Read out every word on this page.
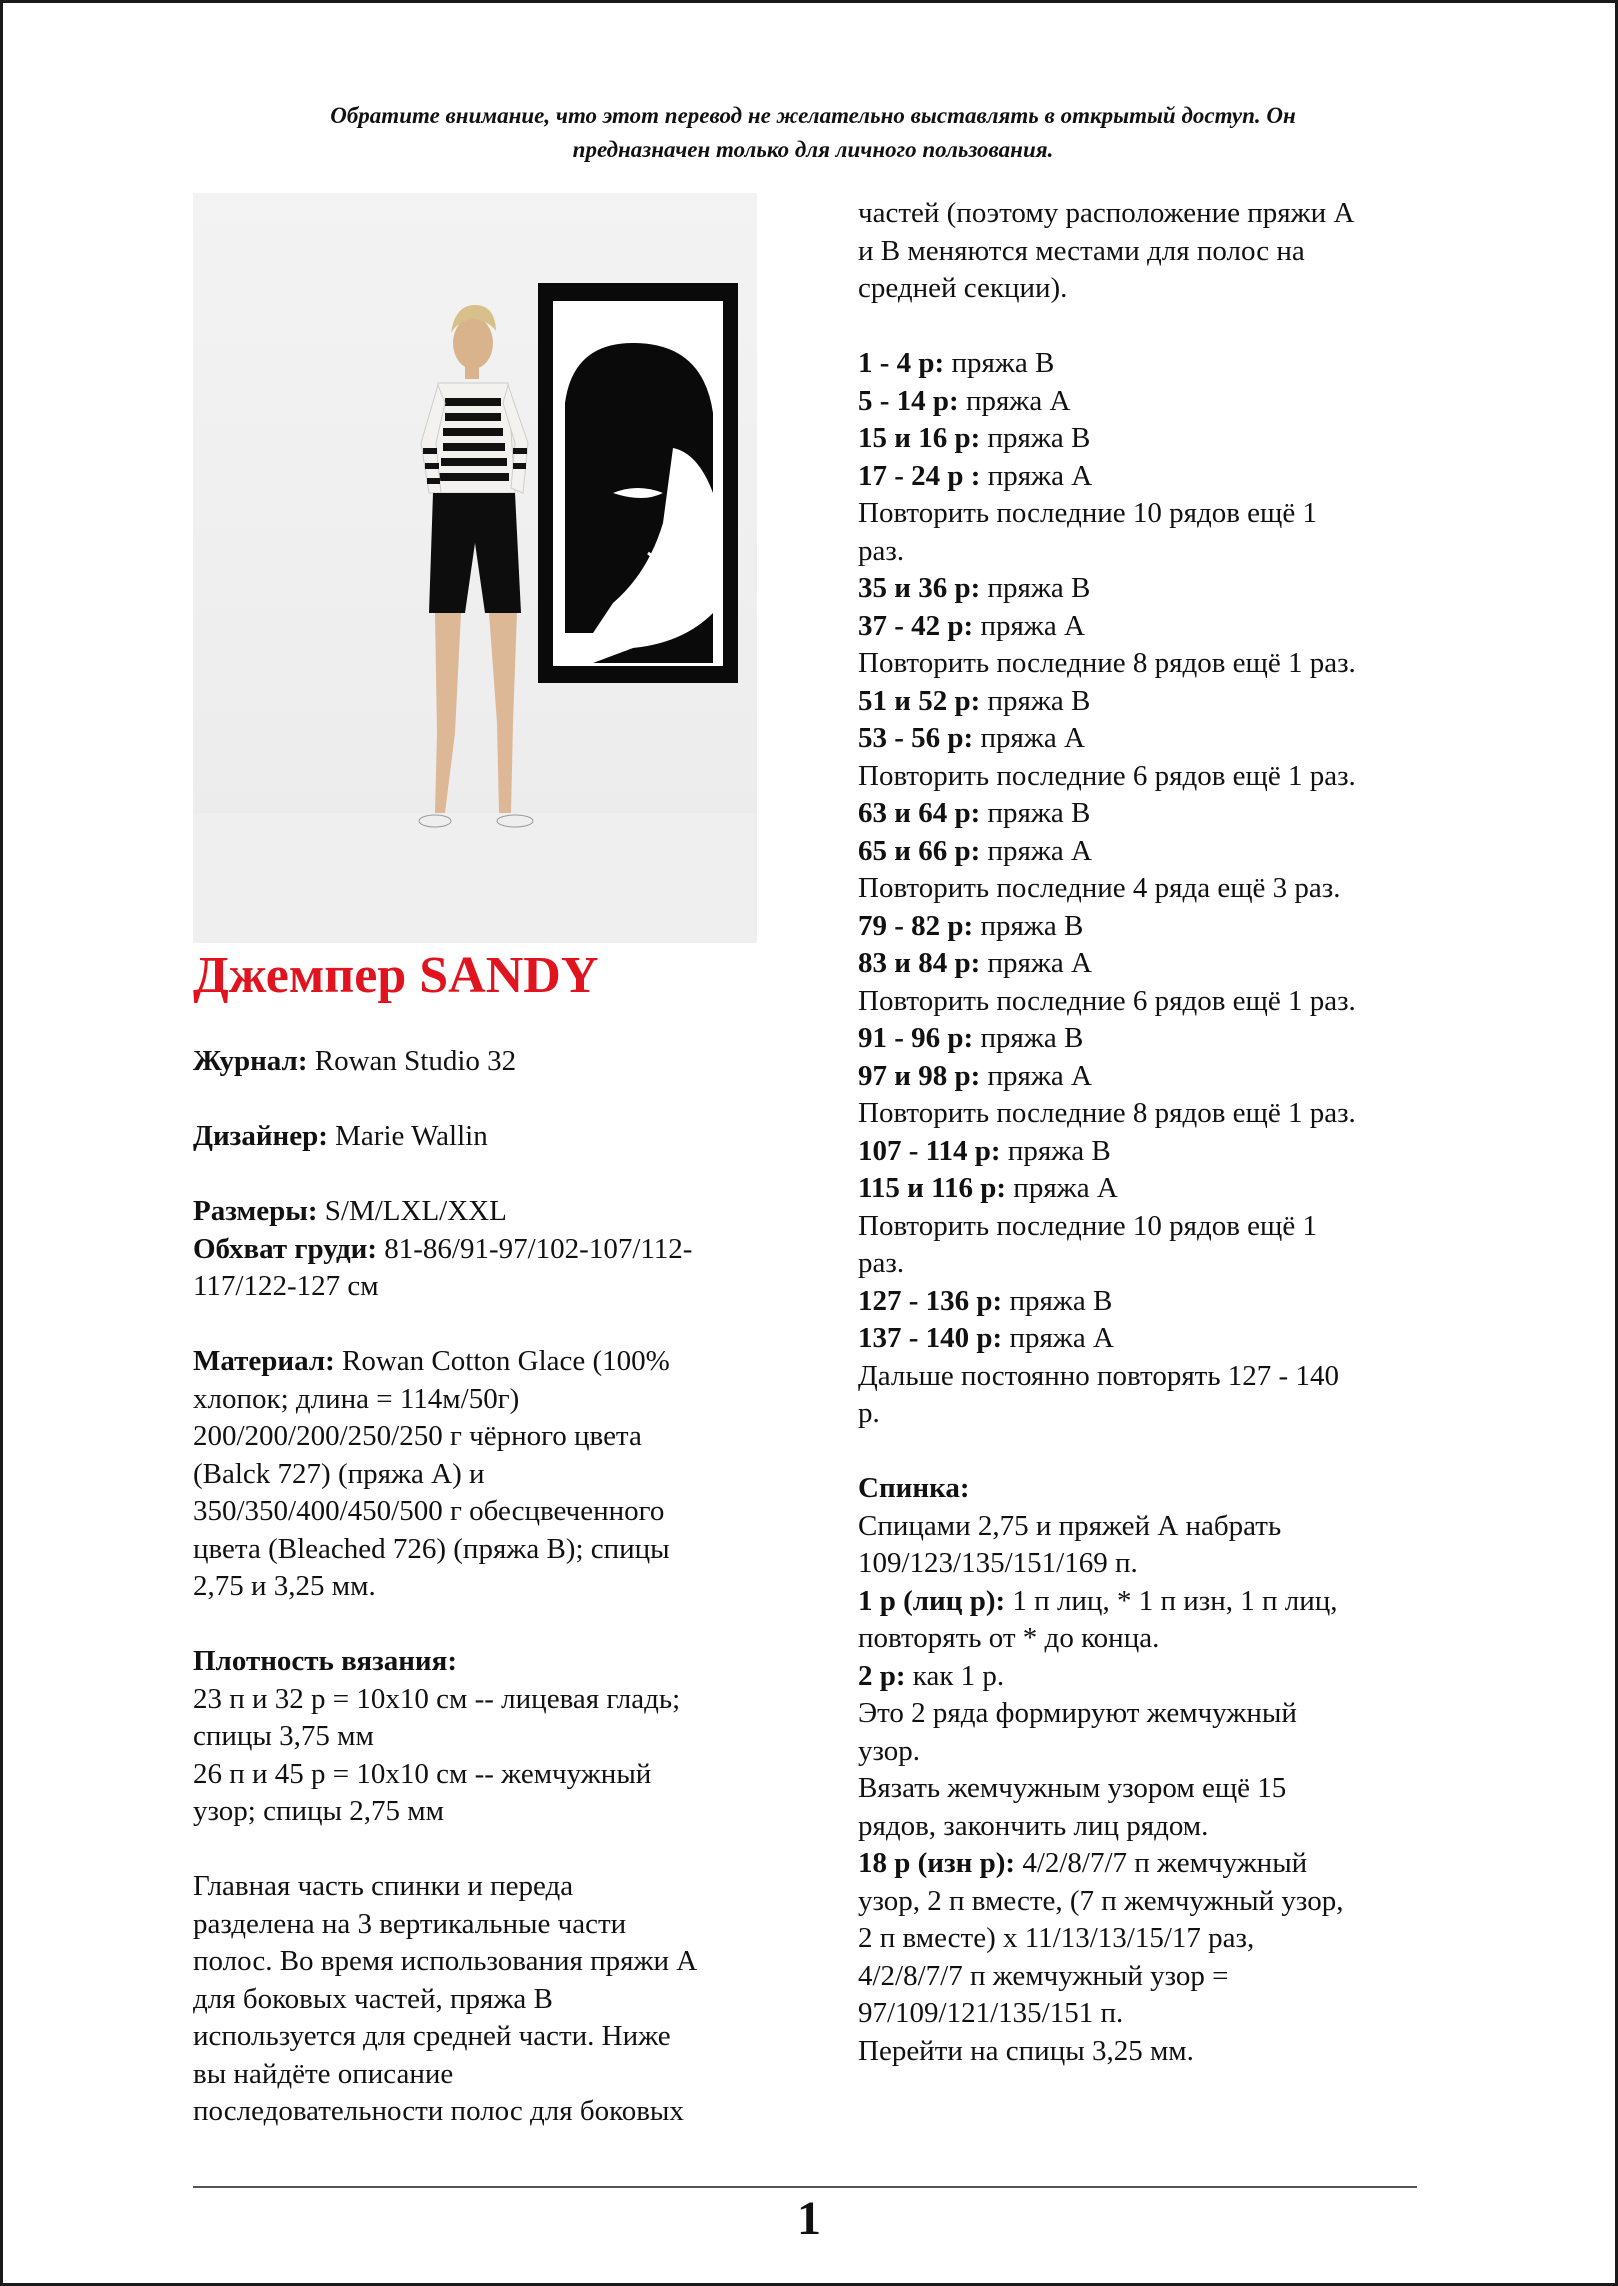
Обратите внимание, что этот перевод не желательно выставлять в открытый доступ. Он
предназначен только для личного пользования.
Джемпер SANDY

Журнал: Rowan Studio 32

Дизайнер: Marie Wallin

Размеры: S/M/LXL/XXL

Обхват груди: 81-86/91-97/102-107/112-

117/122-127 см

Материал: Rowan Cotton Glace (100%

хлопок; длина = 114м/50г)

200/200/200/250/250 г чёрного цвета

(Balck 727) (пряжа А) и

350/350/400/450/500 г обесцвеченного

цвета (Bleached 726) (пряжа В); спицы

2,75 и 3,25 мм.

Плотность вязания:

23 п и 32 р = 10х10 см -- лицевая гладь;

спицы 3,75 мм

26 п и 45 р = 10х10 см -- жемчужный

узор; спицы 2,75 мм

Главная часть спинки и переда

разделена на 3 вертикальные части

полос. Во время использования пряжи А

для боковых частей, пряжа В

используется для средней части. Ниже

вы найдёте описание

последовательности полос для боковых

частей (поэтому расположение пряжи А

и В меняются местами для полос на

средней секции).

1 - 4 р: пряжа В

5 - 14 р: пряжа А

15 и 16 р: пряжа В

17 - 24 р : пряжа А

Повторить последние 10 рядов ещё 1

раз.

35 и 36 р: пряжа В

37 - 42 р: пряжа А

Повторить последние 8 рядов ещё 1 раз.

51 и 52 р: пряжа В

53 - 56 р: пряжа А

Повторить последние 6 рядов ещё 1 раз.

63 и 64 р: пряжа В

65 и 66 р: пряжа А

Повторить последние 4 ряда ещё 3 раз.

79 - 82 р: пряжа В

83 и 84 р: пряжа А

Повторить последние 6 рядов ещё 1 раз.

91 - 96 р: пряжа В

97 и 98 р: пряжа А

Повторить последние 8 рядов ещё 1 раз.

107 - 114 р: пряжа В

115 и 116 р: пряжа А

Повторить последние 10 рядов ещё 1

раз.

127 - 136 р: пряжа В

137 - 140 р: пряжа А

Дальше постоянно повторять 127 - 140

р.

Спинка:

Спицами 2,75 и пряжей А набрать

109/123/135/151/169 п.

1 р (лиц р): 1 п лиц, * 1 п изн, 1 п лиц,

повторять от * до конца.

2 р: как 1 р.

Это 2 ряда формируют жемчужный

узор.

Вязать жемчужным узором ещё 15

рядов, закончить лиц рядом.

18 р (изн р): 4/2/8/7/7 п жемчужный

узор, 2 п вместе, (7 п жемчужный узор,

2 п вместе) х 11/13/13/15/17 раз,

4/2/8/7/7 п жемчужный узор =

97/109/121/135/151 п.

Перейти на спицы 3,25 мм.

1
